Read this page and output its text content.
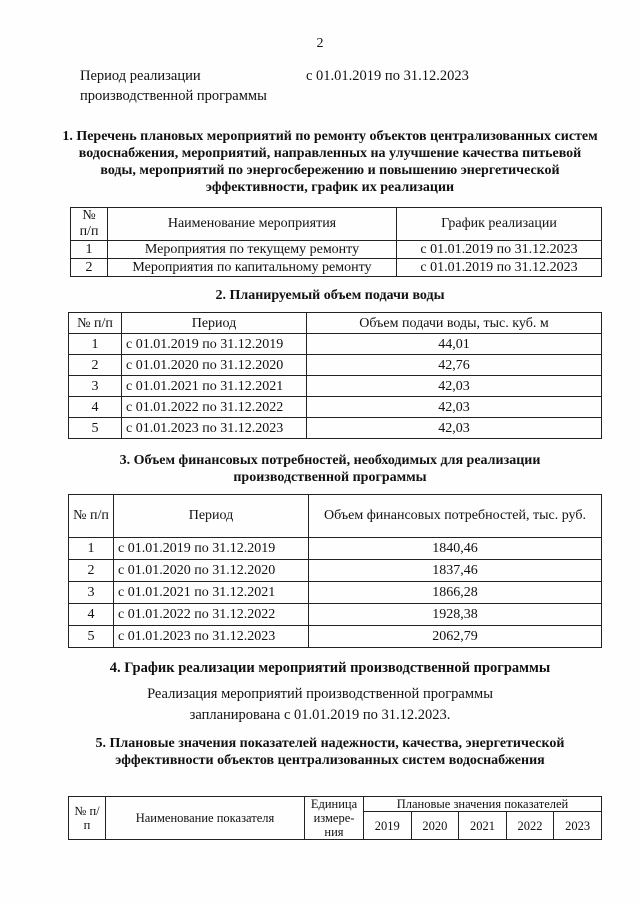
2
Период реализации производственной программы
с 01.01.2019 по 31.12.2023
1. Перечень плановых мероприятий по ремонту объектов централизованных систем водоснабжения, мероприятий, направленных на улучшение качества питьевой воды, мероприятий по энергосбережению и повышению энергетической эффективности, график их реализации
№ п/п	Наименование мероприятия	График реализации
1	Мероприятия по текущему ремонту	с 01.01.2019 по 31.12.2023
2	Мероприятия по капитальному ремонту	с 01.01.2019 по 31.12.2023
2. Планируемый объем подачи воды
№ п/п	Период	Объем подачи воды, тыс. куб. м
1	с 01.01.2019 по 31.12.2019	44,01
2	с 01.01.2020 по 31.12.2020	42,76
3	с 01.01.2021 по 31.12.2021	42,03
4	с 01.01.2022 по 31.12.2022	42,03
5	с 01.01.2023 по 31.12.2023	42,03
3. Объем финансовых потребностей, необходимых для реализации производственной программы
№ п/п	Период	Объем финансовых потребностей, тыс. руб.
1	с 01.01.2019 по 31.12.2019	1840,46
2	с 01.01.2020 по 31.12.2020	1837,46
3	с 01.01.2021 по 31.12.2021	1866,28
4	с 01.01.2022 по 31.12.2022	1928,38
5	с 01.01.2023 по 31.12.2023	2062,79
4. График реализации мероприятий производственной программы
Реализация мероприятий производственной программы запланирована с 01.01.2019 по 31.12.2023.
5. Плановые значения показателей надежности, качества, энергетической эффективности объектов централизованных систем водоснабжения
№ п/п	Наименование показателя	Единица измере-ния	Плановые значения показателей				
			2019	2020	2021	2022	2023
